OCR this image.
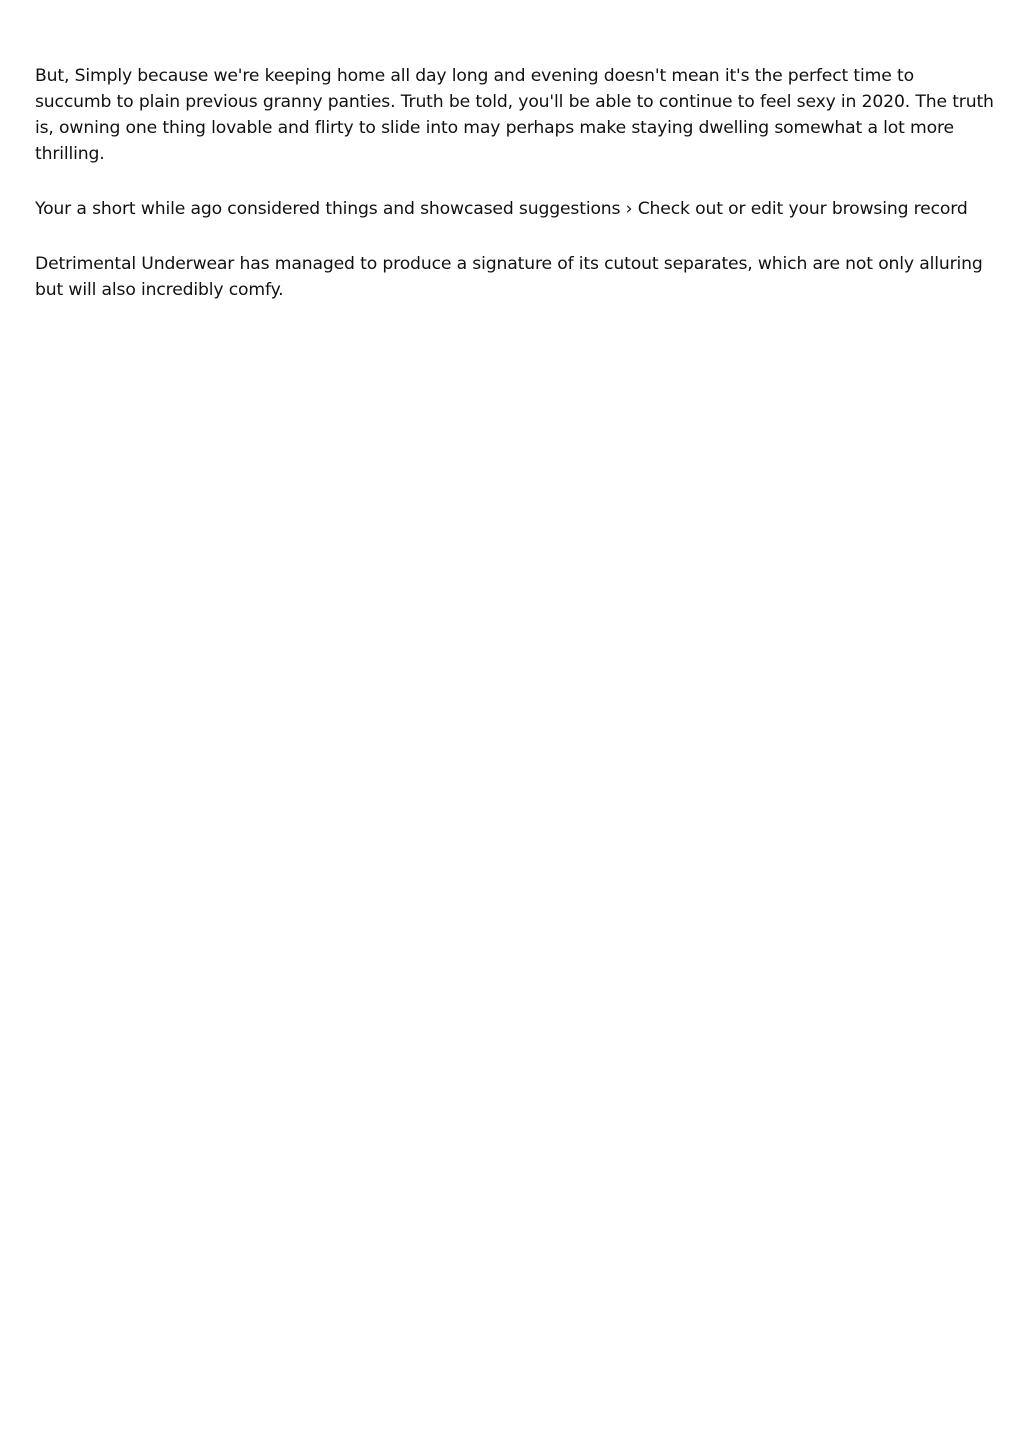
But, Simply because we're keeping home all day long and evening doesn't mean it's the perfect time to succumb to plain previous granny panties. Truth be told, you'll be able to continue to feel sexy in 2020. The truth is, owning one thing lovable and flirty to slide into may perhaps make staying dwelling somewhat a lot more thrilling.

Your a short while ago considered things and showcased suggestions › Check out or edit your browsing record

Detrimental Underwear has managed to produce a signature of its cutout separates, which are not only alluring but will also incredibly comfy.
